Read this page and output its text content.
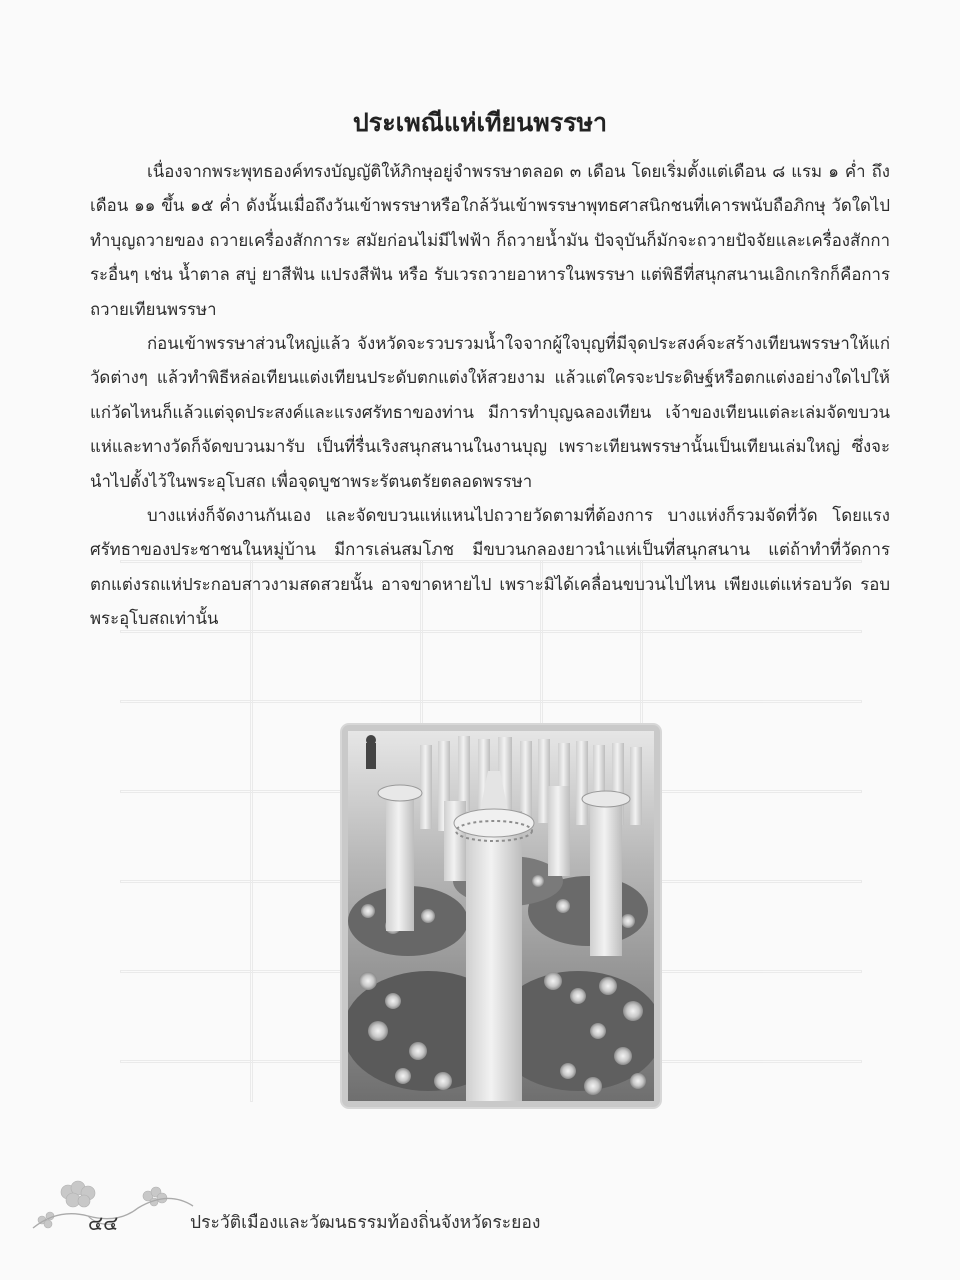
ประเพณีแห่เทียนพรรษา

เนื่องจากพระพุทธองค์ทรงบัญญัติให้ภิกษุอยู่จำพรรษาตลอด ๓ เดือน โดยเริ่มตั้งแต่เดือน ๘ แรม ๑ ค่ำ ถึงเดือน ๑๑ ขึ้น ๑๕ ค่ำ ดังนั้นเมื่อถึงวันเข้าพรรษาหรือใกล้วันเข้าพรรษาพุทธศาสนิกชนที่เคารพนับถือภิกษุ วัดใดไปทำบุญถวายของ ถวายเครื่องสักการะ สมัยก่อนไม่มีไฟฟ้า ก็ถวายน้ำมัน ปัจจุบันก็มักจะถวายปัจจัยและเครื่องสักการะอื่นๆ เช่น น้ำตาล สบู่ ยาสีฟัน แปรงสีฟัน หรือ รับเวรถวายอาหารในพรรษา แต่พิธีที่สนุกสนานเอิกเกริกก็คือการถวายเทียนพรรษา

ก่อนเข้าพรรษาส่วนใหญ่แล้ว จังหวัดจะรวบรวมน้ำใจจากผู้ใจบุญที่มีจุดประสงค์จะสร้างเทียนพรรษาให้แก่วัดต่างๆ แล้วทำพิธีหล่อเทียนแต่งเทียนประดับตกแต่งให้สวยงาม แล้วแต่ใครจะประดิษฐ์หรือตกแต่งอย่างใดไปให้แก่วัดไหนก็แล้วแต่จุดประสงค์และแรงศรัทธาของท่าน มีการทำบุญฉลองเทียน เจ้าของเทียนแต่ละเล่มจัดขบวนแห่และทางวัดก็จัดขบวนมารับ เป็นที่รื่นเริงสนุกสนานในงานบุญ เพราะเทียนพรรษานั้นเป็นเทียนเล่มใหญ่ ซึ่งจะนำไปตั้งไว้ในพระอุโบสถ เพื่อจุดบูชาพระรัตนตรัยตลอดพรรษา

บางแห่งก็จัดงานกันเอง และจัดขบวนแห่แหนไปถวายวัดตามที่ต้องการ บางแห่งก็รวมจัดที่วัด โดยแรงศรัทธาของประชาชนในหมู่บ้าน มีการเล่นสมโภช มีขบวนกลองยาวนำแห่เป็นที่สนุกสนาน แต่ถ้าทำที่วัดการตกแต่งรถแห่ประกอบสาวงามสดสวยนั้น อาจขาดหายไป เพราะมิได้เคลื่อนขบวนไปไหน เพียงแต่แห่รอบวัด รอบพระอุโบสถเท่านั้น

๔๔	ประวัติเมืองและวัฒนธรรมท้องถิ่นจังหวัดระยอง
